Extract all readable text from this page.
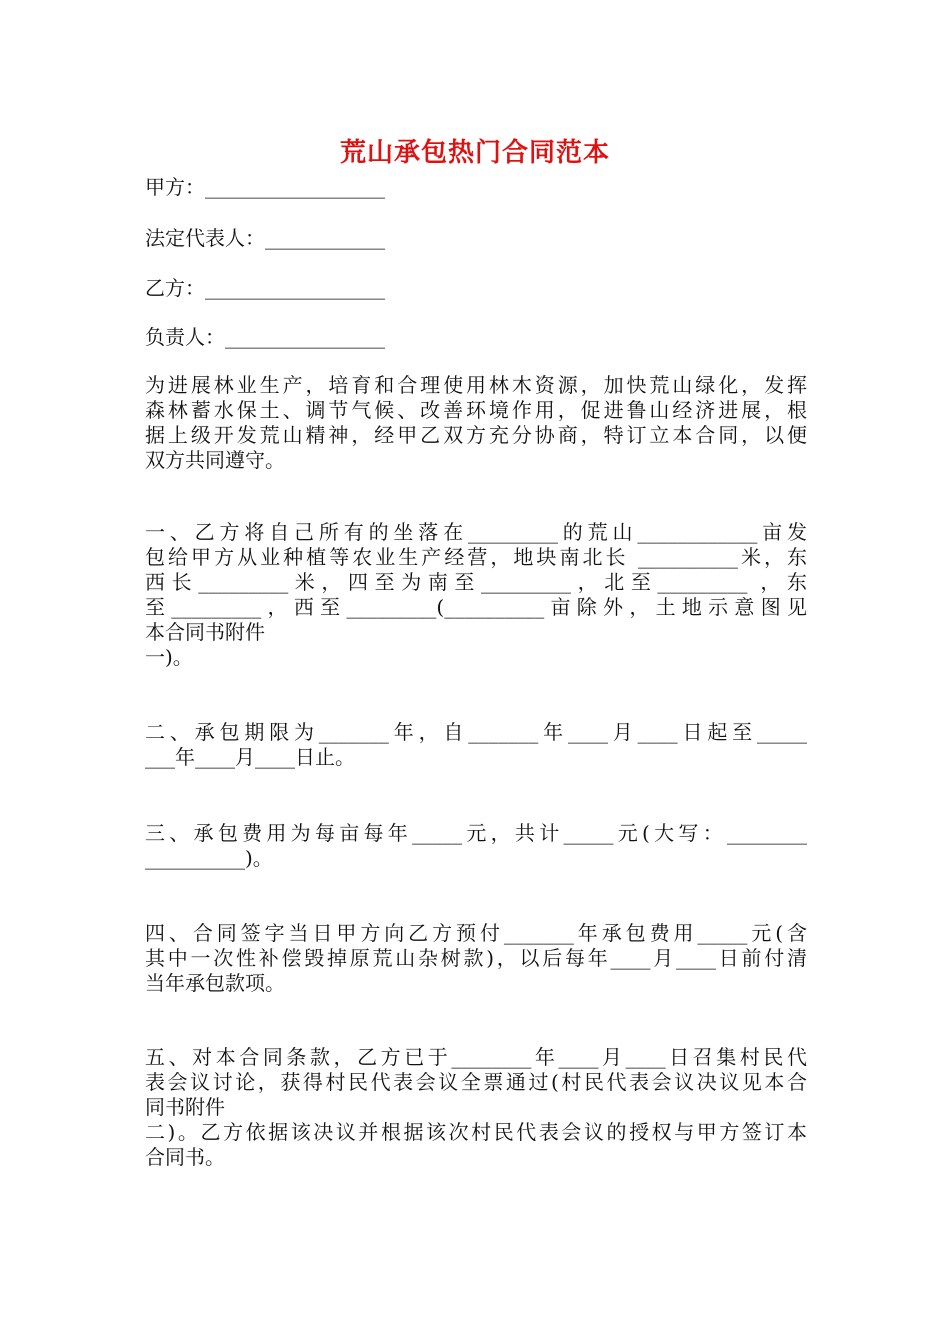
荒山承包热门合同范本
甲方：__________________
法定代表人：____________
乙方：__________________
负责人：________________
为进展林业生产，培育和合理使用林木资源，加快荒山绿化，发挥
森林蓄水保土、调节气候、改善环境作用，促进鲁山经济进展，根
据上级开发荒山精神，经甲乙双方充分协商，特订立本合同，以便
双方共同遵守。
一、乙方将自己所有的坐落在_________的荒山____________亩发
包给甲方从业种植等农业生产经营，地块南北长 __________米，东
西长_________米，四至为南至_________，北至_________ ，东
至_________，西至_________(__________亩除外，土地示意图见
本合同书附件
一)。
二、承包期限为_______年，自_______年____月____日起至_____
___年____月____日止。
三、承包费用为每亩每年_____元，共计_____元(大写：________
__________)。
四、合同签字当日甲方向乙方预付_______年承包费用_____元(含
其中一次性补偿毁掉原荒山杂树款)，以后每年____月____日前付清
当年承包款项。
五、对本合同条款，乙方已于________年____月____日召集村民代
表会议讨论，获得村民代表会议全票通过(村民代表会议决议见本合
同书附件
二)。乙方依据该决议并根据该次村民代表会议的授权与甲方签订本
合同书。
